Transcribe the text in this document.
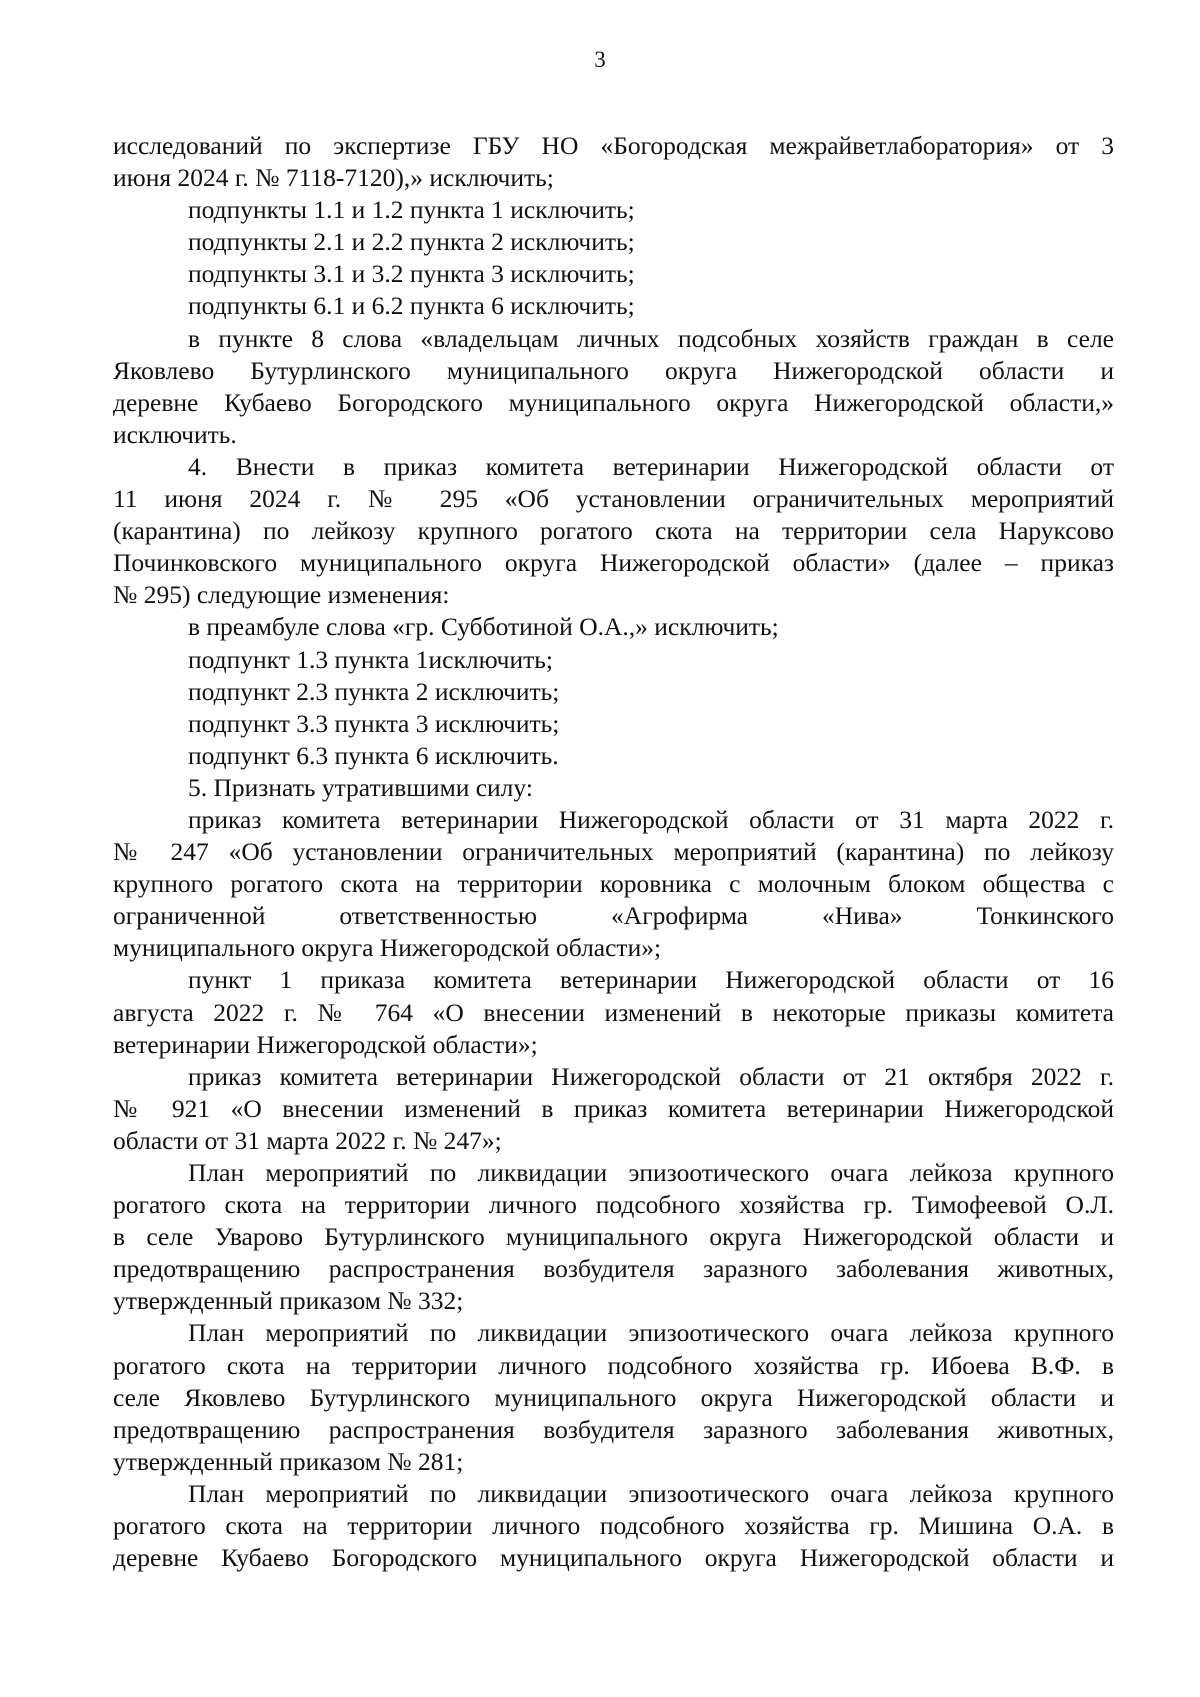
3
исследований по экспертизе ГБУ НО «Богородская межрайветлаборатория» от 3
июня 2024 г. № 7118-7120),» исключить;
подпункты 1.1 и 1.2 пункта 1 исключить;
подпункты 2.1 и 2.2 пункта 2 исключить;
подпункты 3.1 и 3.2 пункта 3 исключить;
подпункты 6.1 и 6.2 пункта 6 исключить;
в пункте 8 слова «владельцам личных подсобных хозяйств граждан в селе
Яковлево Бутурлинского муниципального округа Нижегородской области и
деревне Кубаево Богородского муниципального округа Нижегородской области,»
исключить.
4. Внести в приказ комитета ветеринарии Нижегородской области от
11 июня 2024 г. № 295 «Об установлении ограничительных мероприятий
(карантина) по лейкозу крупного рогатого скота на территории села Наруксово
Починковского муниципального округа Нижегородской области» (далее – приказ
№ 295) следующие изменения:
в преамбуле слова «гр. Субботиной О.А.,» исключить;
подпункт 1.3 пункта 1исключить;
подпункт 2.3 пункта 2 исключить;
подпункт 3.3 пункта 3 исключить;
подпункт 6.3 пункта 6 исключить.
5. Признать утратившими силу:
приказ комитета ветеринарии Нижегородской области от 31 марта 2022 г.
№ 247 «Об установлении ограничительных мероприятий (карантина) по лейкозу
крупного рогатого скота на территории коровника с молочным блоком общества с
ограниченной ответственностью «Агрофирма «Нива» Тонкинского
муниципального округа Нижегородской области»;
пункт 1 приказа комитета ветеринарии Нижегородской области от 16
августа 2022 г. № 764 «О внесении изменений в некоторые приказы комитета
ветеринарии Нижегородской области»;
приказ комитета ветеринарии Нижегородской области от 21 октября 2022 г.
№ 921 «О внесении изменений в приказ комитета ветеринарии Нижегородской
области от 31 марта 2022 г. № 247»;
План мероприятий по ликвидации эпизоотического очага лейкоза крупного
рогатого скота на территории личного подсобного хозяйства гр. Тимофеевой О.Л.
в селе Уварово Бутурлинского муниципального округа Нижегородской области и
предотвращению распространения возбудителя заразного заболевания животных,
утвержденный приказом № 332;
План мероприятий по ликвидации эпизоотического очага лейкоза крупного
рогатого скота на территории личного подсобного хозяйства гр. Ибоева В.Ф. в
селе Яковлево Бутурлинского муниципального округа Нижегородской области и
предотвращению распространения возбудителя заразного заболевания животных,
утвержденный приказом № 281;
План мероприятий по ликвидации эпизоотического очага лейкоза крупного
рогатого скота на территории личного подсобного хозяйства гр. Мишина О.А. в
деревне Кубаево Богородского муниципального округа Нижегородской области и
